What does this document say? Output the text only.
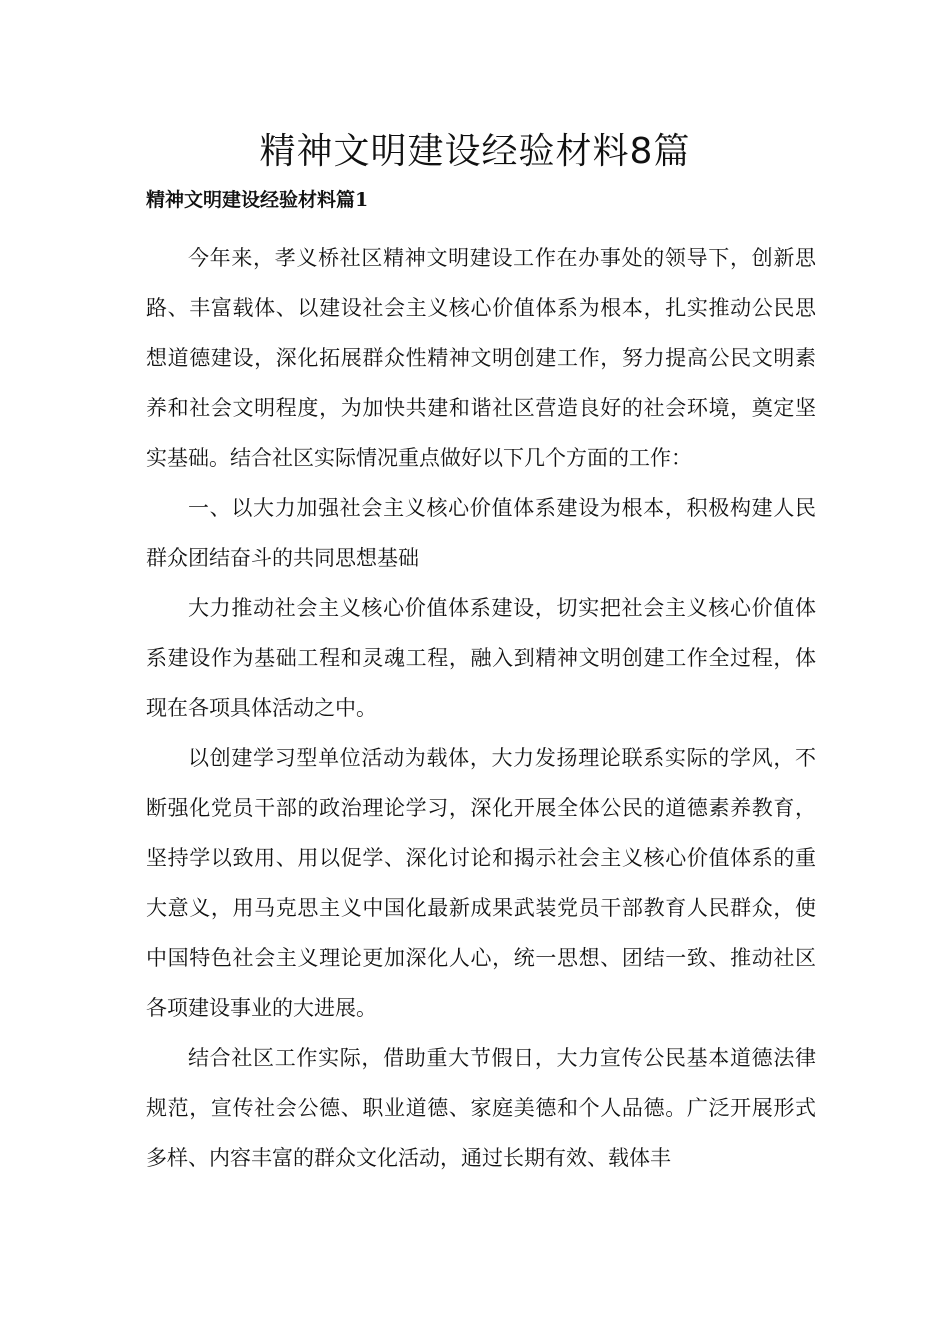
精神文明建设经验材料8篇
精神文明建设经验材料篇1

今年来，孝义桥社区精神文明建设工作在办事处的领导下，创新思路、丰富载体、以建设社会主义核心价值体系为根本，扎实推动公民思想道德建设，深化拓展群众性精神文明创建工作，努力提高公民文明素养和社会文明程度，为加快共建和谐社区营造良好的社会环境，奠定坚实基础。结合社区实际情况重点做好以下几个方面的工作：

一、以大力加强社会主义核心价值体系建设为根本，积极构建人民群众团结奋斗的共同思想基础

大力推动社会主义核心价值体系建设，切实把社会主义核心价值体系建设作为基础工程和灵魂工程，融入到精神文明创建工作全过程，体现在各项具体活动之中。

以创建学习型单位活动为载体，大力发扬理论联系实际的学风，不断强化党员干部的政治理论学习，深化开展全体公民的道德素养教育，坚持学以致用、用以促学、深化讨论和揭示社会主义核心价值体系的重大意义，用马克思主义中国化最新成果武装党员干部教育人民群众，使中国特色社会主义理论更加深化人心，统一思想、团结一致、推动社区各项建设事业的大进展。

结合社区工作实际，借助重大节假日，大力宣传公民基本道德法律规范，宣传社会公德、职业道德、家庭美德和个人品德。广泛开展形式多样、内容丰富的群众文化活动，通过长期有效、载体丰
